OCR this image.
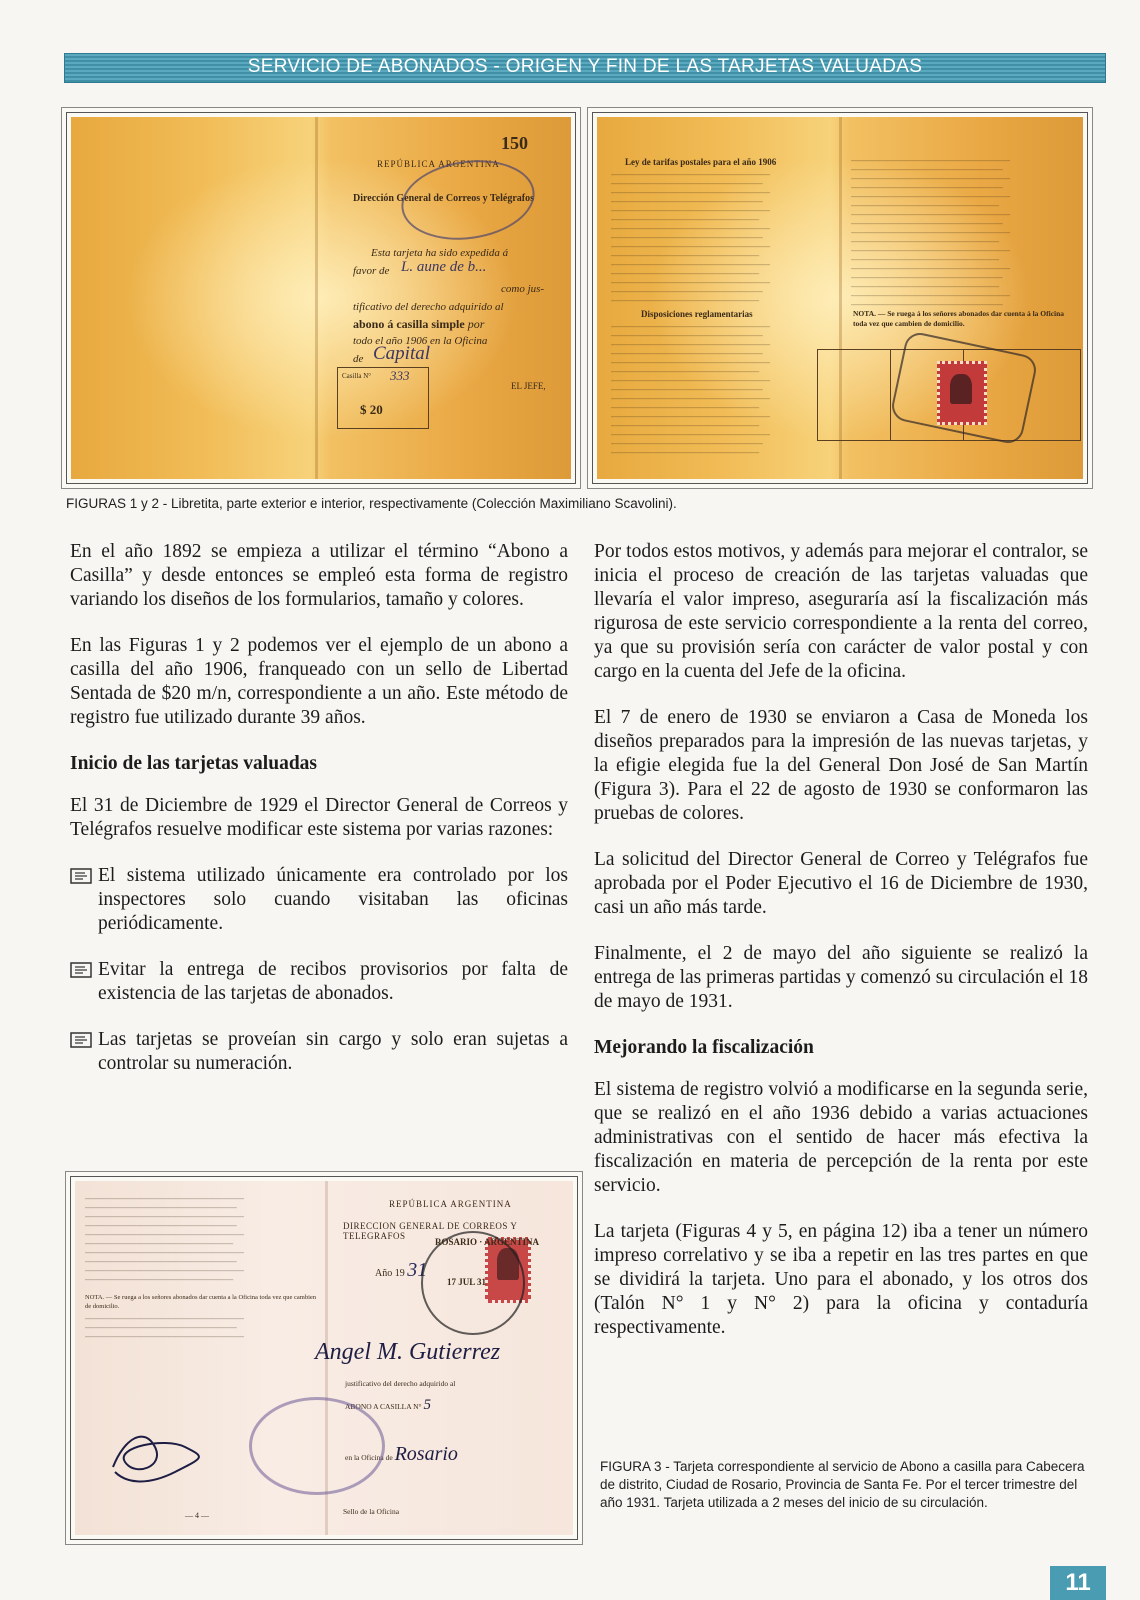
SERVICIO DE ABONADOS - ORIGEN Y FIN DE LAS TARJETAS VALUADAS
150
REPÚBLICA ARGENTINA
Dirección General de Correos y Telégrafos
Esta tarjeta ha sido expedida á
favor de L. aune de b...
como jus-
tificativo del derecho adquirido al
abono á casilla simple por
todo el año 1906 en la Oficina
de Capital
Casilla N° 333
$ 20
EL JEFE,
Ley de tarifas postales para el año 1906
────────────────────────────────────────────
──────────────────────────────────────────
────────────────────────────────────────────
──────────────────────────────────────────
────────────────────────────────────────────
─────────────────────────────────────────
────────────────────────────────────────────
──────────────────────────────────────────
────────────────────────────────────────────
─────────────────────────────────────────
────────────────────────────────────────────
─────────────────────────────────────────
────────────────────────────────────────────
──────────────────────────────────────────
─────────────────────────────────────────
Disposiciones reglamentarias
────────────────────────────────────────────
──────────────────────────────────────────
────────────────────────────────────────────
──────────────────────────────────────────
────────────────────────────────────────────
─────────────────────────────────────────
────────────────────────────────────────────
──────────────────────────────────────────
────────────────────────────────────────────
─────────────────────────────────────────
────────────────────────────────────────────
─────────────────────────────────────────
────────────────────────────────────────────
──────────────────────────────────────────
─────────────────────────────────────────
────────────────────────────────────────────
──────────────────────────────────────────
────────────────────────────────────────────
──────────────────────────────────────────
────────────────────────────────────────────
─────────────────────────────────────────
────────────────────────────────────────────
──────────────────────────────────────────
────────────────────────────────────────────
─────────────────────────────────────────
────────────────────────────────────────────
─────────────────────────────────────────
────────────────────────────────────────────
──────────────────────────────────────────
─────────────────────────────────────────
────────────────────────────────────────────
──────────────────────────────────────────
NOTA. — Se ruega á los señores abonados dar cuenta á la Oficina toda vez que cambien de domicilio.
FIGURAS 1 y 2 - Libretita, parte exterior e interior, respectivamente (Colección Maximiliano Scavolini).

En el año 1892 se empieza a utilizar el término “Abono a Casilla” y desde entonces se empleó esta forma de registro variando los diseños de los formularios, tamaño y colores.

En las Figuras 1 y 2 podemos ver el ejemplo de un abono a casilla del año 1906, franqueado con un sello de Libertad Sentada de $20 m/n, correspondiente a un año. Este método de registro fue utilizado durante 39 años.

Inicio de las tarjetas valuadas

El 31 de Diciembre de 1929 el Director General de Correos y Telégrafos resuelve modificar este sistema por varias razones:

El sistema utilizado únicamente era controlado por los inspectores solo cuando visitaban las oficinas periódicamente.
Evitar la entrega de recibos provisorios por falta de existencia de las tarjetas de abonados.
Las tarjetas se proveían sin cargo y solo eran sujetas a controlar su numeración.
────────────────────────────────────────────
──────────────────────────────────────────
────────────────────────────────────────────
──────────────────────────────────────────
────────────────────────────────────────────
─────────────────────────────────────────
────────────────────────────────────────────
──────────────────────────────────────────
────────────────────────────────────────────
─────────────────────────────────────────
NOTA. — Se ruega a los señores abonados dar cuenta a la Oficina toda vez que cambien de domicilio.
────────────────────────────────────────────
──────────────────────────────────────────
────────────────────────────────────────────
REPÚBLICA ARGENTINA
DIRECCION GENERAL DE CORREOS Y TELEGRAFOS
Año 19 31
ROSARIO · ARGENTINA
17 JUL 31
Angel M. Gutierrez
justificativo del derecho adquirido al
ABONO A CASILLA N° 5
en la Oficina de Rosario
Sello de la Oficina
— 4 —

Por todos estos motivos, y además para mejorar el contralor, se inicia el proceso de creación de las tarjetas valuadas que llevaría el valor impreso, aseguraría así la fiscalización más rigurosa de este servicio correspondiente a la renta del correo, ya que su provisión sería con carácter de valor postal y con cargo en la cuenta del Jefe de la oficina.

El 7 de enero de 1930 se enviaron a Casa de Moneda los diseños preparados para la impresión de las nuevas tarjetas, y la efigie elegida fue la del General Don José de San Martín (Figura 3). Para el 22 de agosto de 1930 se conformaron las pruebas de colores.

La solicitud del Director General de Correo y Telégrafos fue aprobada por el Poder Ejecutivo el 16 de Diciembre de 1930, casi un año más tarde.

Finalmente, el 2 de mayo del año siguiente se realizó la entrega de las primeras partidas y comenzó su circulación el 18 de mayo de 1931.

Mejorando la fiscalización

El sistema de registro volvió a modificarse en la segunda serie, que se realizó en el año 1936 debido a varias actuaciones administrativas con el sentido de hacer más efectiva la fiscalización en materia de percepción de la renta por este servicio.

La tarjeta (Figuras 4 y 5, en página 12) iba a tener un número impreso correlativo y se iba a repetir en las tres partes en que se dividirá la tarjeta. Uno para el abonado, y los otros dos (Talón N° 1 y N° 2) para la oficina y contaduría respectivamente.

FIGURA 3 - Tarjeta correspondiente al servicio de Abono a casilla para Cabecera de distrito, Ciudad de Rosario, Provincia de Santa Fe. Por el tercer trimestre del año 1931. Tarjeta utilizada a 2 meses del inicio de su circulación.
11
